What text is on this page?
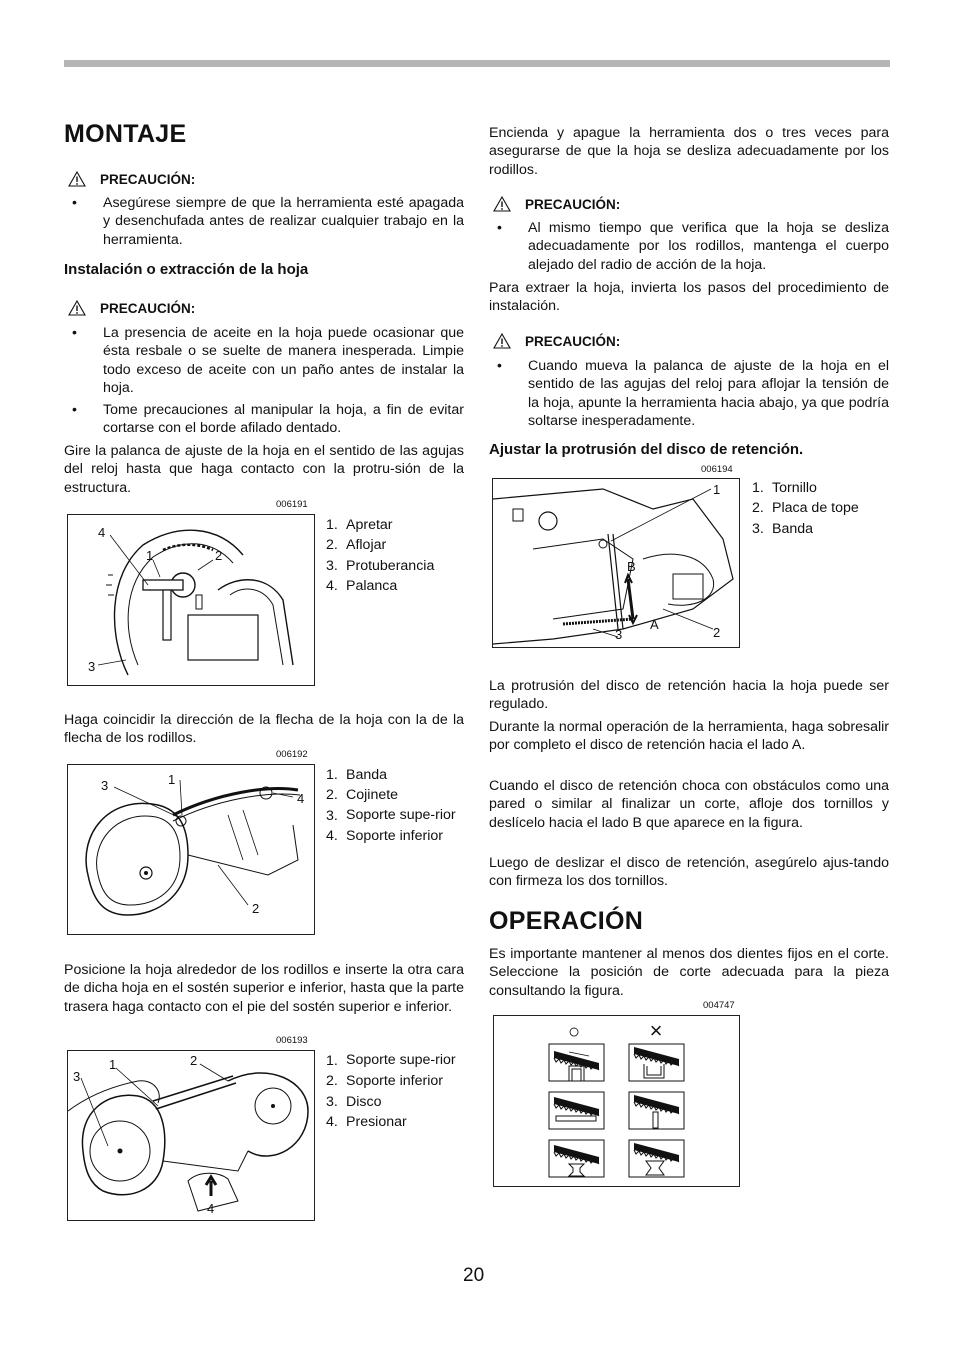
MONTAJE
PRECAUCIÓN:
• Asegúrese siempre de que la herramienta esté apagada y desenchufada antes de realizar cualquier trabajo en la herramienta.
Instalación o extracción de la hoja
PRECAUCIÓN:
• La presencia de aceite en la hoja puede ocasionar que ésta resbale o se suelte de manera inesperada. Limpie todo exceso de aceite con un paño antes de instalar la hoja.
• Tome precauciones al manipular la hoja, a fin de evitar cortarse con el borde afilado dentado.

Gire la palanca de ajuste de la hoja en el sentido de las agujas del reloj hasta que haga contacto con la protru-sión de la estructura.

006191
4
1	2
3
1. Apretar
2. Aflojar
3. Protuberancia
4. Palanca

Haga coincidir la dirección de la flecha de la hoja con la de la flecha de los rodillos.

006192
3	1
4
2
1. Banda
2. Cojinete
3. Soporte supe-rior
4. Soporte inferior

Posicione la hoja alrededor de los rodillos e inserte la otra cara de dicha hoja en el sostén superior e inferior, hasta que la parte trasera haga contacto con el pie del sostén superior e inferior.

006193
1	2
3
4
1. Soporte supe-rior
2. Soporte inferior
3. Disco
4. Presionar

Encienda y apague la herramienta dos o tres veces para asegurarse de que la hoja se desliza adecuadamente por los rodillos.

PRECAUCIÓN:
• Al mismo tiempo que verifica que la hoja se desliza adecuadamente por los rodillos, mantenga el cuerpo alejado del radio de acción de la hoja.

Para extraer la hoja, invierta los pasos del procedimiento de instalación.

PRECAUCIÓN:
• Cuando mueva la palanca de ajuste de la hoja en el sentido de las agujas del reloj para aflojar la tensión de la hoja, apunte la herramienta hacia abajo, ya que podría soltarse inesperadamente.
Ajustar la protrusión del disco de retención.
006194
1
B
3
A
2
1. Tornillo
2. Placa de tope
3. Banda

La protrusión del disco de retención hacia la hoja puede ser regulado.

Durante la normal operación de la herramienta, haga sobresalir por completo el disco de retención hacia el lado A.

Cuando el disco de retención choca con obstáculos como una pared o similar al finalizar un corte, afloje dos tornillos y deslícelo hacia el lado B que aparece en la figura.

Luego de deslizar el disco de retención, asegúrelo ajus-tando con firmeza los dos tornillos.

OPERACIÓN

Es importante mantener al menos dos dientes fijos en el corte. Seleccione la posición de corte adecuada para la pieza consultando la figura.

004747
○	×
20
